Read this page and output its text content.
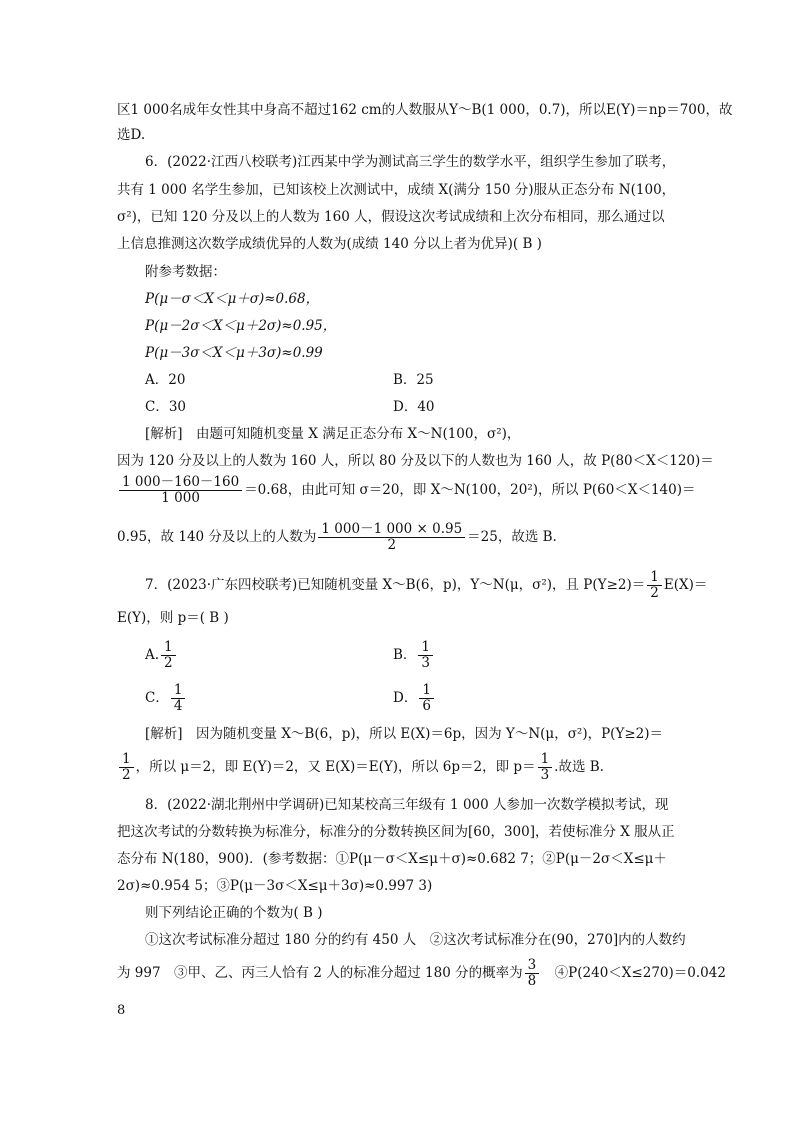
区1 000名成年女性其中身高不超过162 cm的人数服从Y～B(1 000，0.7)，所以E(Y)＝np＝700，故
选D.
6．(2022·江西八校联考)江西某中学为测试高三学生的数学水平，组织学生参加了联考，
共有 1 000 名学生参加，已知该校上次测试中，成绩 X(满分 150 分)服从正态分布 N(100，
σ²)，已知 120 分及以上的人数为 160 人，假设这次考试成绩和上次分布相同，那么通过以
上信息推测这次数学成绩优异的人数为(成绩 140 分以上者为优异)( B )
附参考数据：
P(μ－σ＜X＜μ＋σ)≈0.68，
P(μ－2σ＜X＜μ＋2σ)≈0.95，
P(μ－3σ＜X＜μ＋3σ)≈0.99
A．20	B．25
C．30	D．40
[解析]　由题可知随机变量 X 满足正态分布 X～N(100，σ²)，
因为 120 分及以上的人数为 160 人，所以 80 分及以下的人数也为 160 人，故 P(80＜X＜120)＝
$\frac{1 000-160-160}{1 000} =0.68$，由此可知 σ＝20，即 X～N(100，20²)，所以 P(60＜X＜140)＝
0.95，故 140 分及以上的人数为 $\frac{1 000-1 000 \times 0.95}{2} =25$，故选 B.
7．(2023·广东四校联考)已知随机变量 X～B(6，p)，Y～N(μ，σ²)，且 $P(Y\ge 2)= \frac{1}{2} E(X)=$
E(Y)，则 p＝( B )
A. $\frac{1}{2}$	B． $\frac{1}{3}$
C． $\frac{1}{4}$	D． $\frac{1}{6}$
[解析]　因为随机变量 X～B(6，p)，所以 E(X)＝6p，因为 Y～N(μ，σ²)，P(Y≥2)＝
$\frac{1}{2}$ ，所以 μ＝2，即 E(Y)＝2，又 E(X)＝E(Y)，所以 6p＝2，即 $p= \frac{1}{3}$ .故选 B.
8．(2022·湖北荆州中学调研)已知某校高三年级有 1 000 人参加一次数学模拟考试，现
把这次考试的分数转换为标准分，标准分的分数转换区间为[60，300]，若使标准分 X 服从正
态分布 N(180，900)．(参考数据：①P(μ－σ＜X≤μ＋σ)≈0.682 7；②P(μ－2σ＜X≤μ＋
2σ)≈0.954 5；③P(μ－3σ＜X≤μ＋3σ)≈0.997 3)
则下列结论正确的个数为( B )
①这次考试标准分超过 180 分的约有 450 人　②这次考试标准分在(90，270]内的人数约
为 997　③甲、乙、丙三人恰有 2 人的标准分超过 180 分的概率为 $\frac{3}{8}$ 　④P(240＜X≤270)＝0.042
8
